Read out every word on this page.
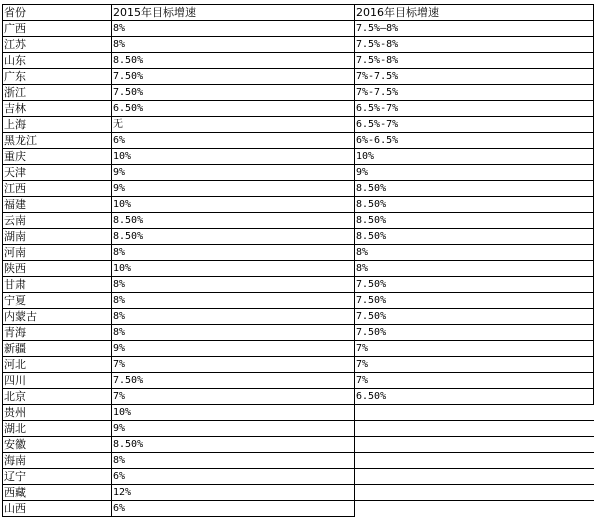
省份	2015年目标增速	2016年目标增速
广西	8%	7.5%—8%
江苏	8%	7.5%-8%
山东	8.50%	7.5%-8%
广东	7.50%	7%-7.5%
浙江	7.50%	7%-7.5%
吉林	6.50%	6.5%-7%
上海	无	6.5%-7%
黑龙江	6%	6%-6.5%
重庆	10%	10%
天津	9%	9%
江西	9%	8.50%
福建	10%	8.50%
云南	8.50%	8.50%
湖南	8.50%	8.50%
河南	8%	8%
陕西	10%	8%
甘肃	8%	7.50%
宁夏	8%	7.50%
内蒙古	8%	7.50%
青海	8%	7.50%
新疆	9%	7%
河北	7%	7%
四川	7.50%	7%
北京	7%	6.50%
贵州	10%	
湖北	9%	
安徽	8.50%	
海南	8%	
辽宁	6%	
西藏	12%	
山西	6%	
